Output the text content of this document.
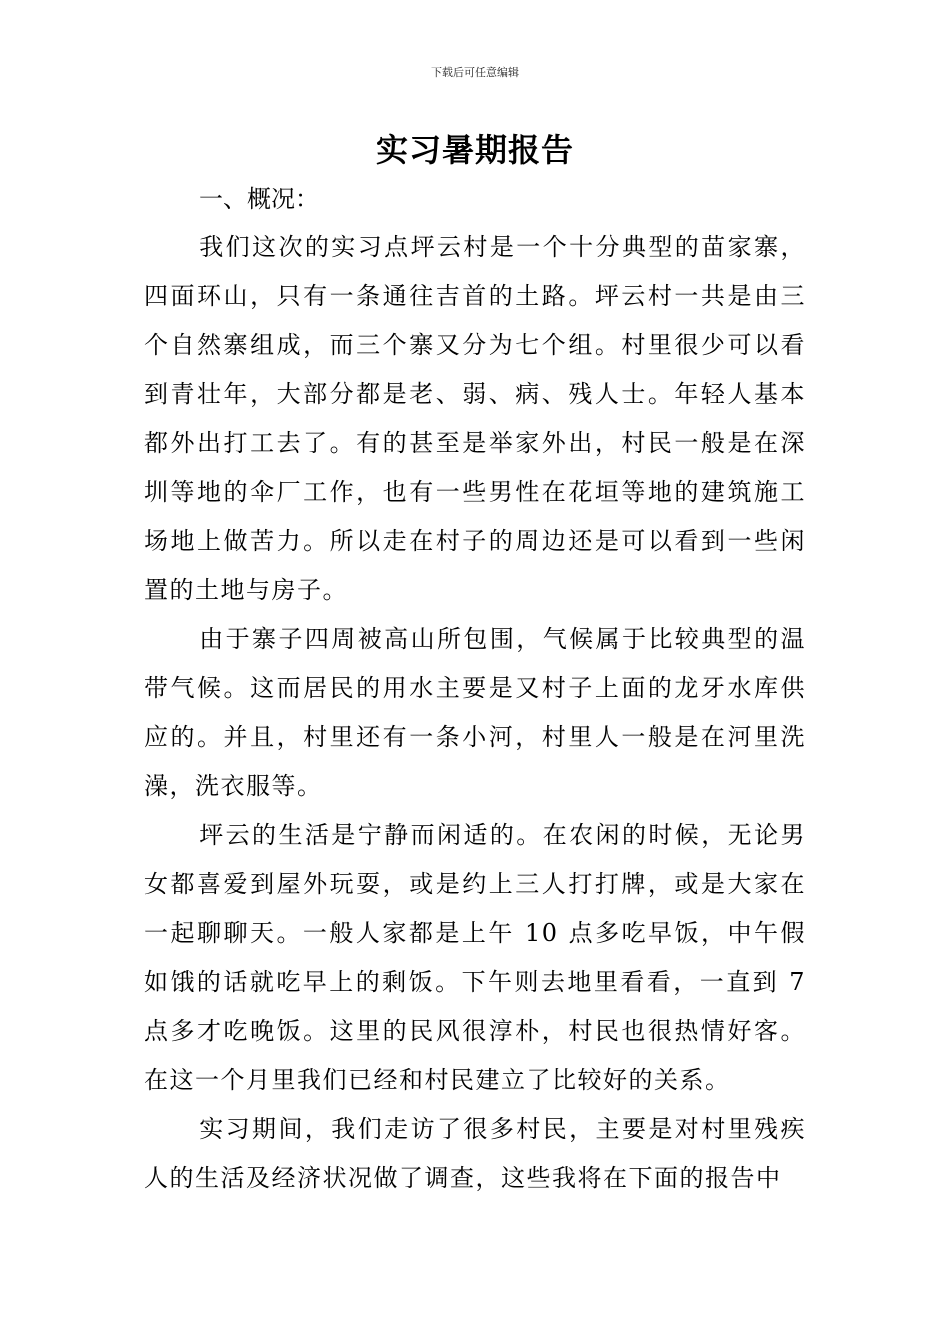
下载后可任意编辑
实习暑期报告
一、概况：

我们这次的实习点坪云村是一个十分典型的苗家寨，四面环山，只有一条通往吉首的土路。坪云村一共是由三个自然寨组成，而三个寨又分为七个组。村里很少可以看到青壮年，大部分都是老、弱、病、残人士。年轻人基本都外出打工去了。有的甚至是举家外出，村民一般是在深圳等地的伞厂工作，也有一些男性在花垣等地的建筑施工场地上做苦力。所以走在村子的周边还是可以看到一些闲置的土地与房子。

由于寨子四周被高山所包围，气候属于比较典型的温带气候。这而居民的用水主要是又村子上面的龙牙水库供应的。并且，村里还有一条小河，村里人一般是在河里洗澡，洗衣服等。

坪云的生活是宁静而闲适的。在农闲的时候，无论男女都喜爱到屋外玩耍，或是约上三人打打牌，或是大家在一起聊聊天。一般人家都是上午 10 点多吃早饭，中午假如饿的话就吃早上的剩饭。下午则去地里看看，一直到 7 点多才吃晚饭。这里的民风很淳朴，村民也很热情好客。在这一个月里我们已经和村民建立了比较好的关系。

实习期间，我们走访了很多村民，主要是对村里残疾人的生活及经济状况做了调查，这些我将在下面的报告中
